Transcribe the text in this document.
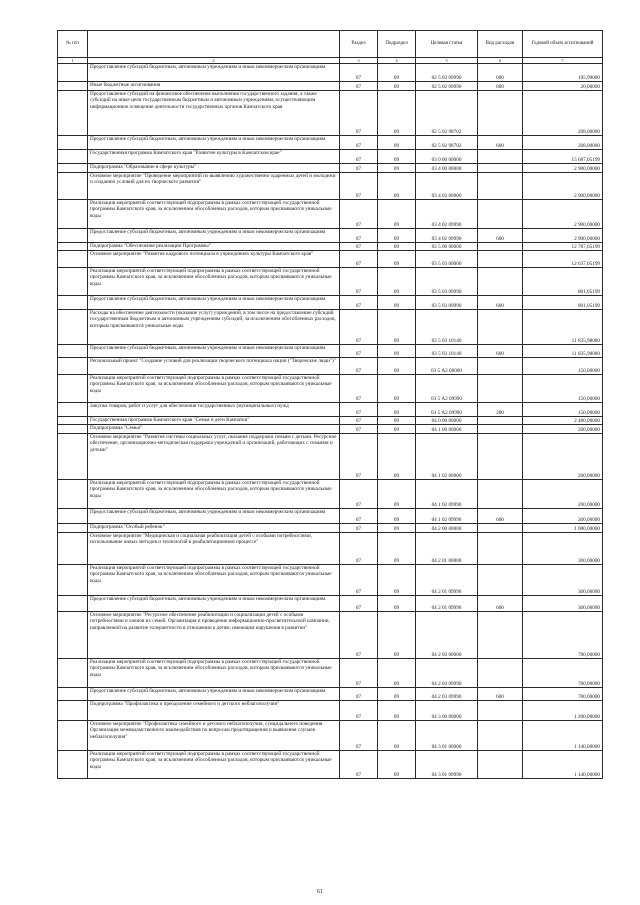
№ п/п		Раздел	Подраздел	Целевая статья	Вид расходов	Годовой объем ассигнований
1	2	3	4	5	6	7
	Предоставление субсидий бюджетным, автономным учреждениям и иным некоммерческим организациям	07	09	02 5 02 09990	600	195,99000
	Иные бюджетные ассигнования	07	09	02 5 02 09990	800	20,00000
	Предоставление субсидий на финансовое обеспечение выполнения государственного задания, а также субсидий на иные цели государственным бюджетным и автономным учреждениям, осуществляющим информационное освещение деятельности государственных органов Камчатского края	07	09	02 5 02 98702		208,00000
	Предоставление субсидий бюджетным, автономным учреждениям и иным некоммерческим организациям	07	09	02 5 02 98702	600	208,00000
	Государственная программа Камчатского края "Развитие культуры в Камчатском крае"	07	09	03 0 00 00000		15 687,05199
	Подпрограмма "Образование в сфере культуры"	07	09	03 4 00 00000		2 900,00000
	Основное мероприятие "Проведение мероприятий по выявлению художественно одаренных детей и молодежи и созданию условий для их творческого развития"	07	09	03 4 02 00000		2 900,00000
	Реализация мероприятий соответствующей подпрограммы в рамках соответствующей государственной программы Камчатского края, за исключением обособленных расходов, которым присваиваются уникальные коды	07	09	03 4 02 09990		2 900,00000
	Предоставление субсидий бюджетным, автономным учреждениям и иным некоммерческим организациям	07	09	03 4 02 09990	600	2 900,00000
	Подпрограмма "Обеспечение реализации Программы"	07	09	03 5 00 00000		12 787,05199
	Основное мероприятие "Развитие кадрового потенциала в учреждениях культуры Камчатского края"	07	09	03 5 03 00000		12 637,05199
	Реализация мероприятий соответствующей подпрограммы в рамках соответствующей государственной программы Камчатского края, за исключением обособленных расходов, которым присваиваются уникальные коды	07	09	03 5 03 09990		801,05199
	Предоставление субсидий бюджетным, автономным учреждениям и иным некоммерческим организациям	07	09	03 5 03 09990	600	801,05199
	Расходы на обеспечение деятельности (оказание услуг) учреждений, в том числе на предоставление субсидий государственным бюджетным и автономным учреждениям субсидий, за исключением обособленных расходов, которым присваиваются уникальные коды	07	09	03 5 03 10140		11 835,98000
	Предоставление субсидий бюджетным, автономным учреждениям и иным некоммерческим организациям	07	09	03 5 03 10140	600	11 835,98000
	Региональный проект "Создание условий для реализации творческого потенциала нации ("Творческие люди")"	07	09	03 5 А2 00000		150,00000
	Реализация мероприятий соответствующей подпрограммы в рамках соответствующей государственной программы Камчатского края, за исключением обособленных расходов, которым присваиваются уникальные коды	07	09	03 5 А2 09990		150,00000
	Закупка товаров, работ и услуг для обеспечения государственных (муниципальных) нужд	07	09	03 5 А2 09990	200	150,00000
	Государственная программа Камчатского края "Семья и дети Камчатки"	07	09	04 0 00 00000		2 480,00000
	Подпрограмма "Семья"	07	09	04 1 00 00000		200,00000
	Основное мероприятие "Развитие системы социальных услуг, оказание поддержки семьям с детьми. Ресурсное обеспечение, организационно-методическая поддержка учреждений и организаций, работающих с семьями и детьми"	07	09	04 1 02 00000		200,00000
	Реализация мероприятий соответствующей подпрограммы в рамках соответствующей государственной программы Камчатского края, за исключением обособленных расходов, которым присваиваются уникальные коды	07	09	04 1 02 09990		200,00000
	Предоставление субсидий бюджетным, автономным учреждениям и иным некоммерческим организациям	07	09	04 1 02 09990	600	200,00000
	Подпрограмма "Особый ребенок"	07	09	04 2 00 00000		1 080,00000
	Основное мероприятие "Медицинская и социальная реабилитация детей с особыми потребностями, использование новых методов и технологий в реабилитационном процессе"	07	09	04 2 01 00000		300,00000
	Реализация мероприятий соответствующей подпрограммы в рамках соответствующей государственной программы Камчатского края, за исключением обособленных расходов, которым присваиваются уникальные коды	07	09	04 2 01 09990		300,00000
	Предоставление субсидий бюджетным, автономным учреждениям и иным некоммерческим организациям	07	09	04 2 01 09990	600	300,00000
	Основное мероприятие "Ресурсное обеспечение реабилитации и социализации детей с особыми потребностями и членов их семей. Организация и проведение информационно-просветительской кампании, направленной на развитие толерантности в отношении к детям, имеющим нарушения в развитии"	07	09	04 2 03 00000		780,00000
	Реализация мероприятий соответствующей подпрограммы в рамках соответствующей государственной программы Камчатского края, за исключением обособленных расходов, которым присваиваются уникальные коды	07	09	04 2 03 09990		780,00000
	Предоставление субсидий бюджетным, автономным учреждениям и иным некоммерческим организациям	07	09	04 2 03 09990	600	780,00000
	Подпрограмма "Профилактика и преодоление семейного и детского неблагополучия"	07	09	04 3 00 00000		1 200,00000
	Основное мероприятие "Профилактика семейного и детского неблагополучия, суицидального поведения. Организация межведомственного взаимодействия по вопросам предотвращения и выявления случаев неблагополучия"	07	09	04 3 01 00000		1 140,00000
	Реализация мероприятий соответствующей подпрограммы в рамках соответствующей государственной программы Камчатского края, за исключением обособленных расходов, которым присваиваются уникальные коды	07	09	04 3 01 09990		1 140,00000
61
